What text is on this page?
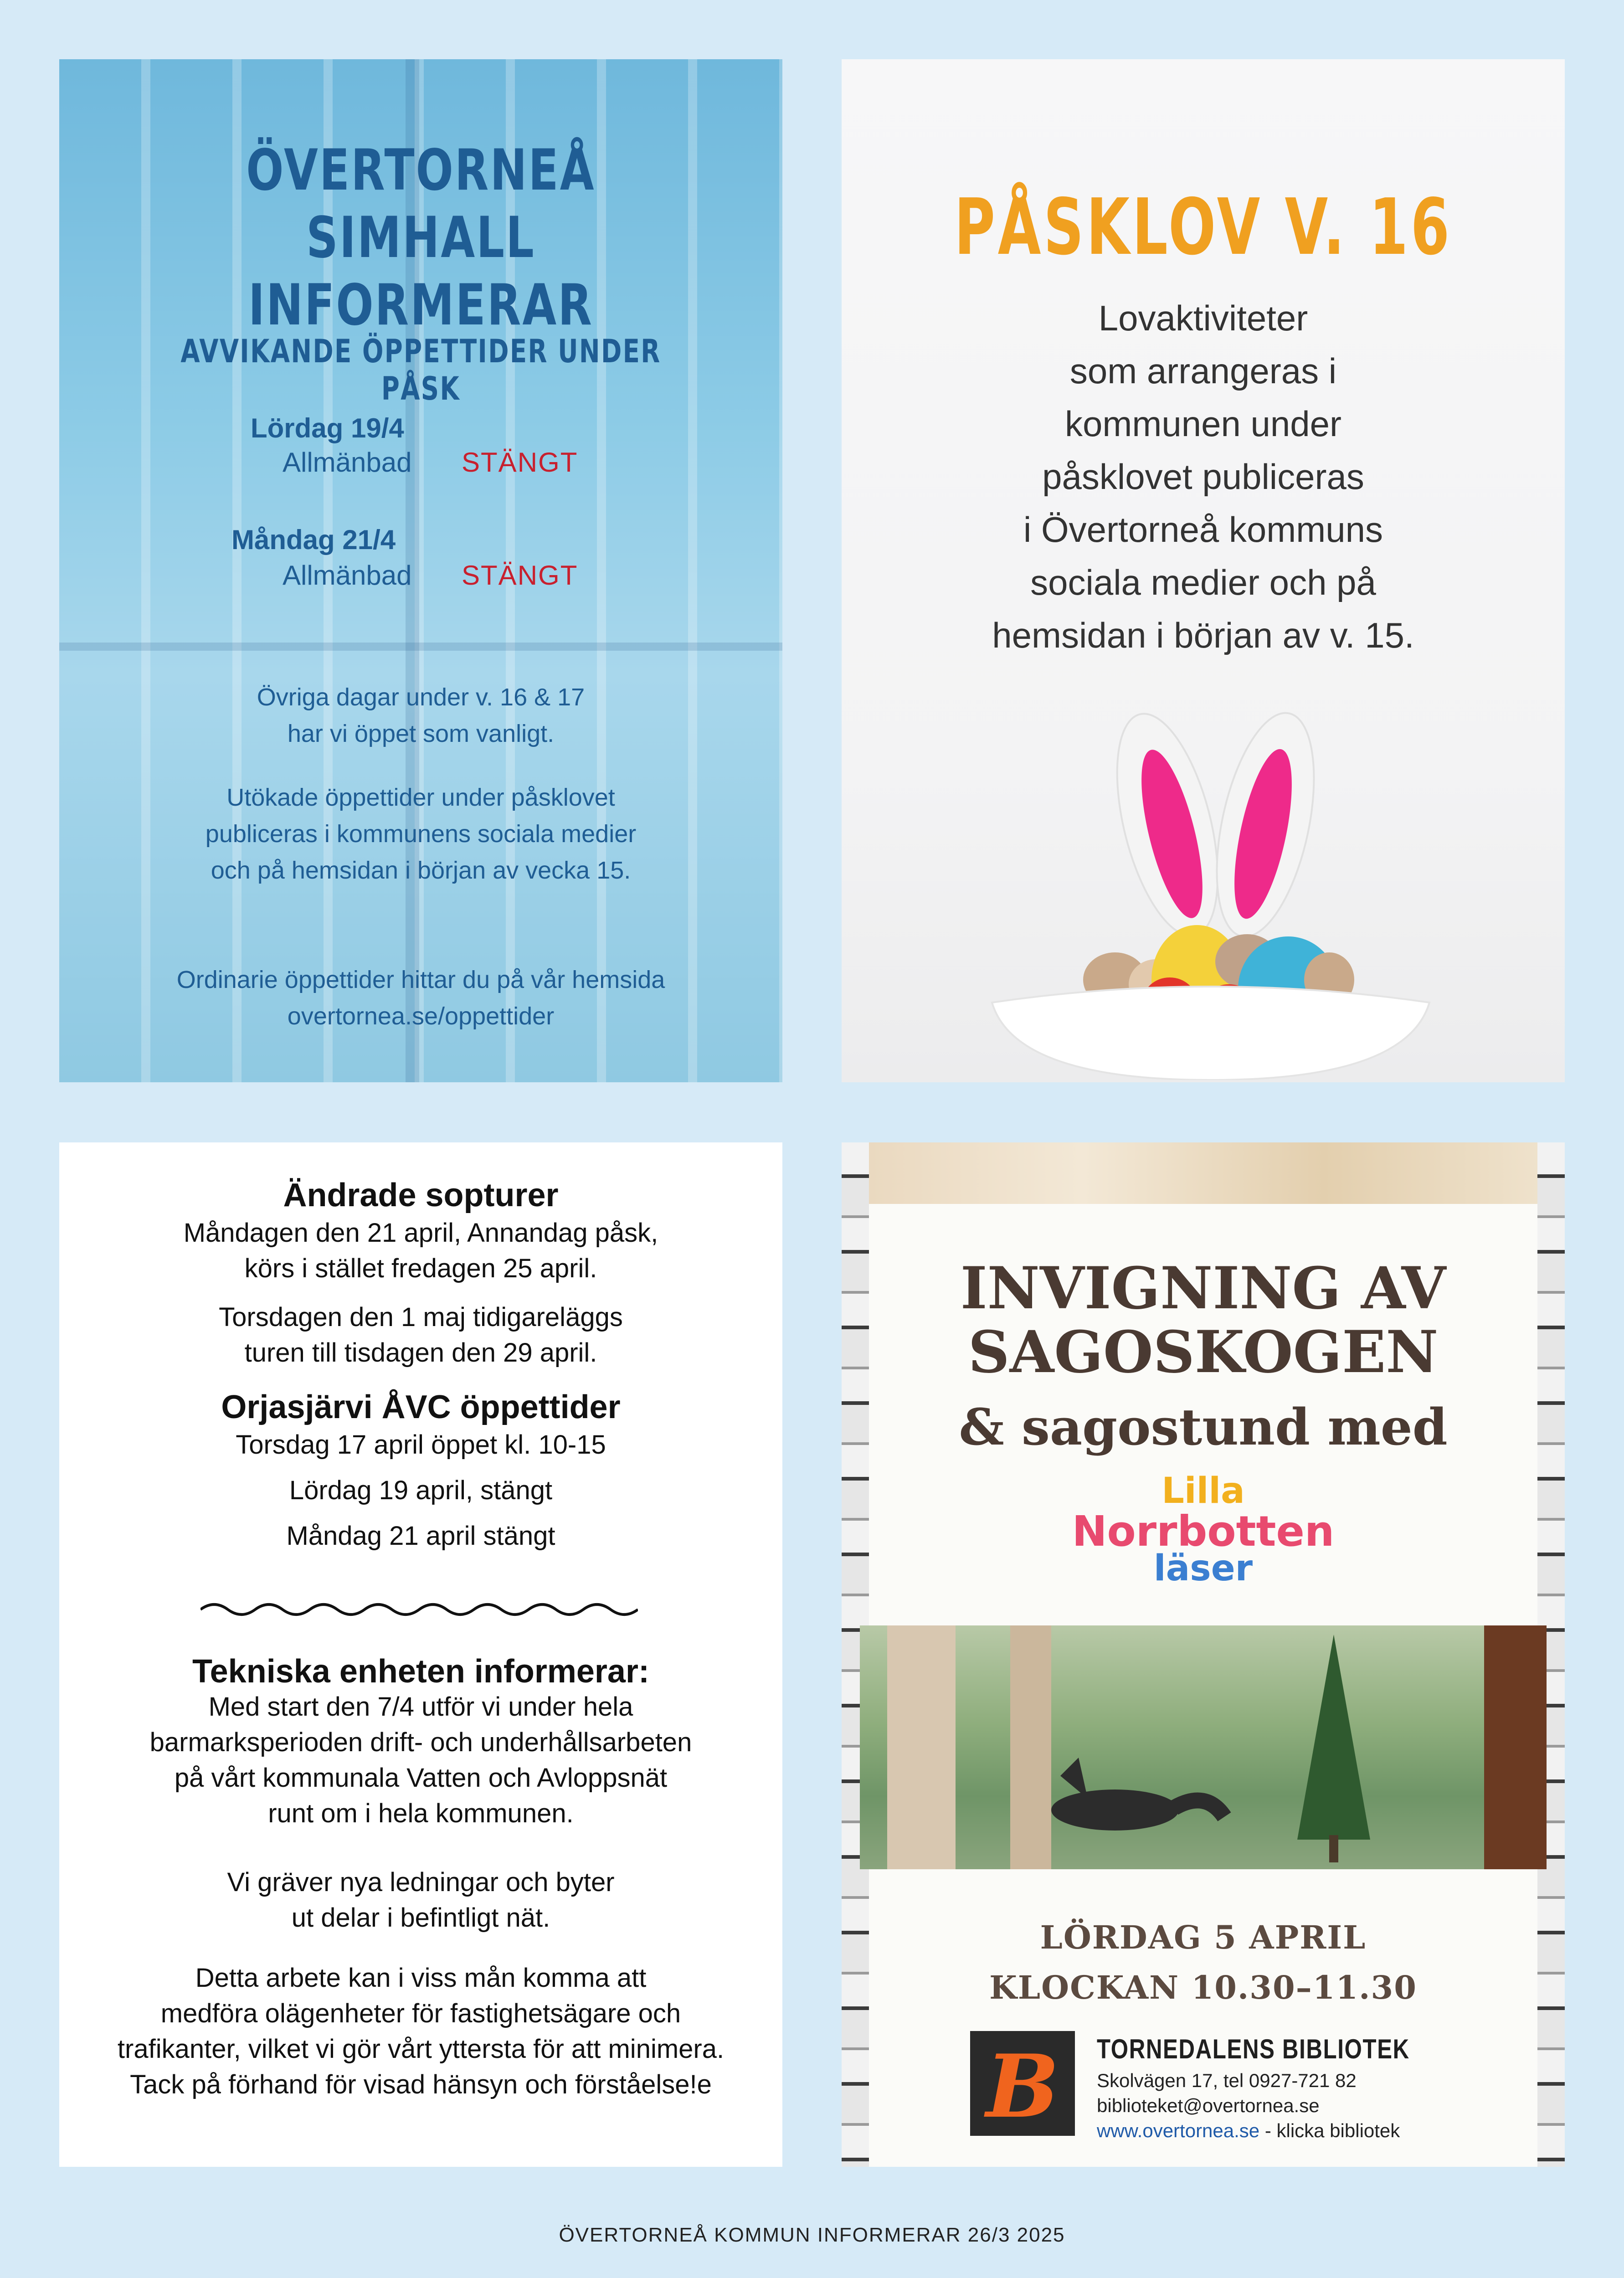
ÖVERTORNEÅ SIMHALL
INFORMERAR
AVVIKANDE ÖPPETTIDER UNDER PÅSK
Lördag 19/4
Allmänbad STÄNGT
Måndag 21/4
Allmänbad STÄNGT
Övriga dagar under v. 16 & 17
har vi öppet som vanligt.
Utökade öppettider under påsklovet
publiceras i kommunens sociala medier
och på hemsidan i början av vecka 15.
Ordinarie öppettider hittar du på vår hemsida
overtornea.se/oppettider
PÅSKLOV V. 16
Lovaktiviteter
som arrangeras i
kommunen under
påsklovet publiceras
i Övertorneå kommuns
sociala medier och på
hemsidan i början av v. 15.
Ändrade sopturer
Måndagen den 21 april, Annandag påsk,
körs i stället fredagen 25 april.
Torsdagen den 1 maj tidigareläggs
turen till tisdagen den 29 april.
Orjasjärvi ÅVC öppettider
Torsdag 17 april öppet kl. 10-15
Lördag 19 april, stängt
Måndag 21 april stängt
Tekniska enheten informerar:
Med start den 7/4 utför vi under hela
barmarksperioden drift- och underhållsarbeten
på vårt kommunala Vatten och Avloppsnät
runt om i hela kommunen.
Vi gräver nya ledningar och byter
ut delar i befintligt nät.
Detta arbete kan i viss mån komma att
medföra olägenheter för fastighetsägare och
trafikanter, vilket vi gör vårt yttersta för att minimera.
Tack på förhand för visad hänsyn och förståelse!e
INVIGNING AV
SAGOSKOGEN
& sagostund med
Lilla
Norrbotten
läser
LÖRDAG 5 APRIL
KLOCKAN 10.30–11.30
B	TORNEDALENS BIBLIOTEK
Skolvägen 17, tel 0927-721 82
biblioteket@overtornea.se
www.overtornea.se - klicka bibliotek
ÖVERTORNEÅ KOMMUN INFORMERAR 26/3 2025
